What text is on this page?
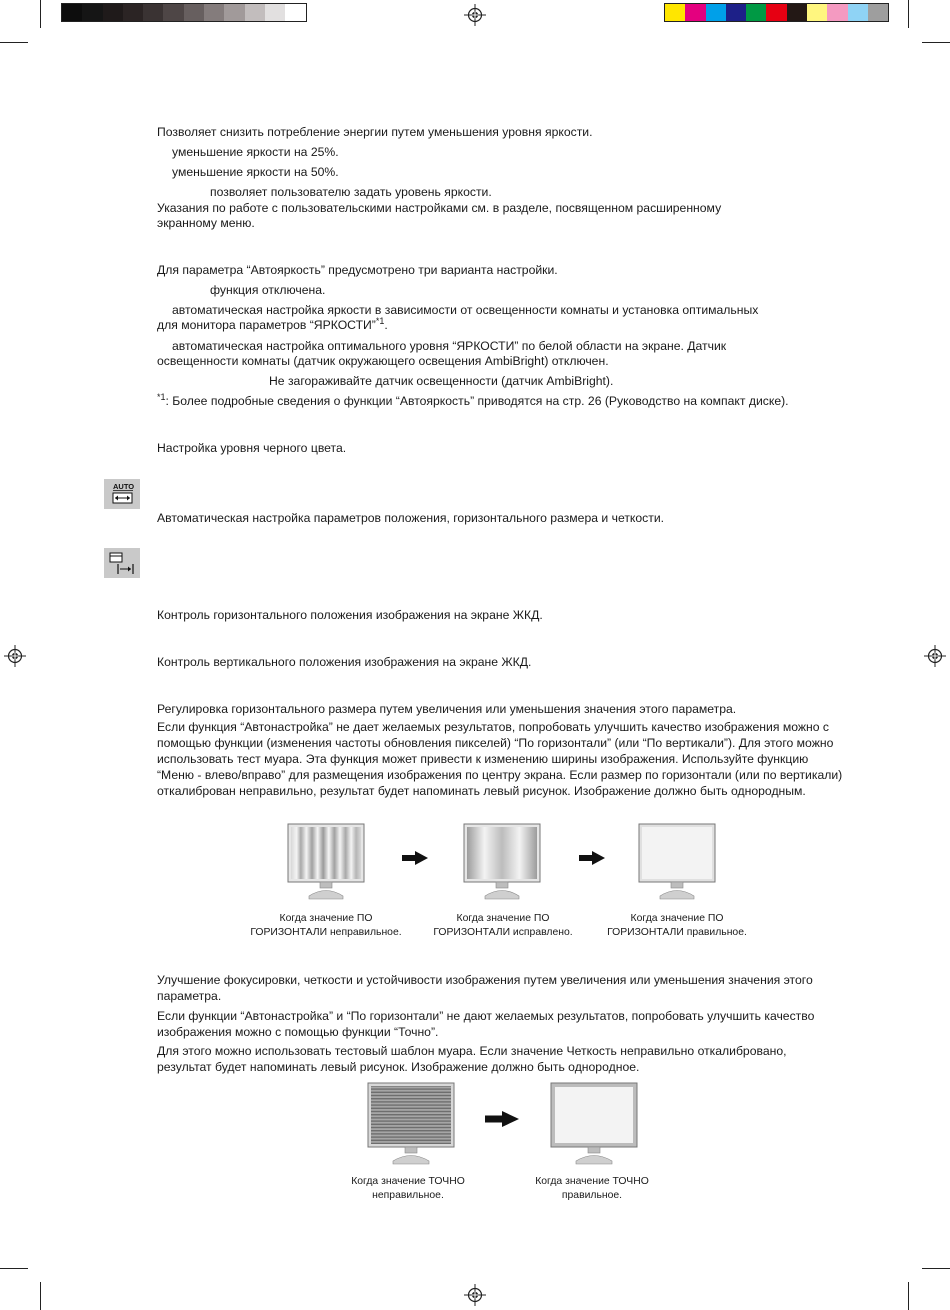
Позволяет снизить потребление энергии путем уменьшения уровня яркости.
уменьшение яркости на 25%.
уменьшение яркости на 50%.
позволяет пользователю задать уровень яркости.
Указания по работе с пользовательскими настройками см. в разделе, посвященном расширенному
экранному меню.
Для параметра “Автояркость” предусмотрено три варианта настройки.
функция отключена.
автоматическая настройка яркости в зависимости от освещенности комнаты и установка оптимальных
для монитора параметров “ЯРКОСТИ”$^{*1}$.
автоматическая настройка оптимального уровня “ЯРКОСТИ” по белой области на экране. Датчик
освещенности комнаты (датчик окружающего освещения AmbiBright) отключен.
Не загораживайте датчик освещенности (датчик AmbiBright).
$^{*1}$: Более подробные сведения о функции “Автояркость” приводятся на стр. 26 (Руководство на компакт диске).
Настройка уровня черного цвета.
AUTO
Автоматическая настройка параметров положения, горизонтального размера и четкости.
Контроль горизонтального положения изображения на экране ЖКД.
Контроль вертикального положения изображения на экране ЖКД.
Регулировка горизонтального размера путем увеличения или уменьшения значения этого параметра.
Если функция “Автонастройка” не дает желаемых результатов, попробовать улучшить качество изображения можно с помощью функции (изменения частоты обновления пикселей) “По горизонтали” (или “По вертикали”). Для этого можно использовать тест муара. Эта функция может привести к изменению ширины изображения. Используйте функцию “Меню - влево/вправо” для размещения изображения по центру экрана. Если размер по горизонтали (или по вертикали) откалиброван неправильно, результат будет напоминать левый рисунок. Изображение должно быть однородным.
Когда значение ПО
ГОРИЗОНТАЛИ неправильное.
Когда значение ПО
ГОРИЗОНТАЛИ исправлено.
Когда значение ПО
ГОРИЗОНТАЛИ правильное.
Улучшение фокусировки, четкости и устойчивости изображения путем увеличения или уменьшения значения этого параметра.
Если функции “Автонастройка” и “По горизонтали” не дают желаемых результатов, попробовать улучшить качество изображения можно с помощью функции “Точно”.
Для этого можно использовать тестовый шаблон муара. Если значение Четкость неправильно откалибровано, результат будет напоминать левый рисунок. Изображение должно быть однородное.
Когда значение ТОЧНО
неправильное.
Когда значение ТОЧНО
правильное.
